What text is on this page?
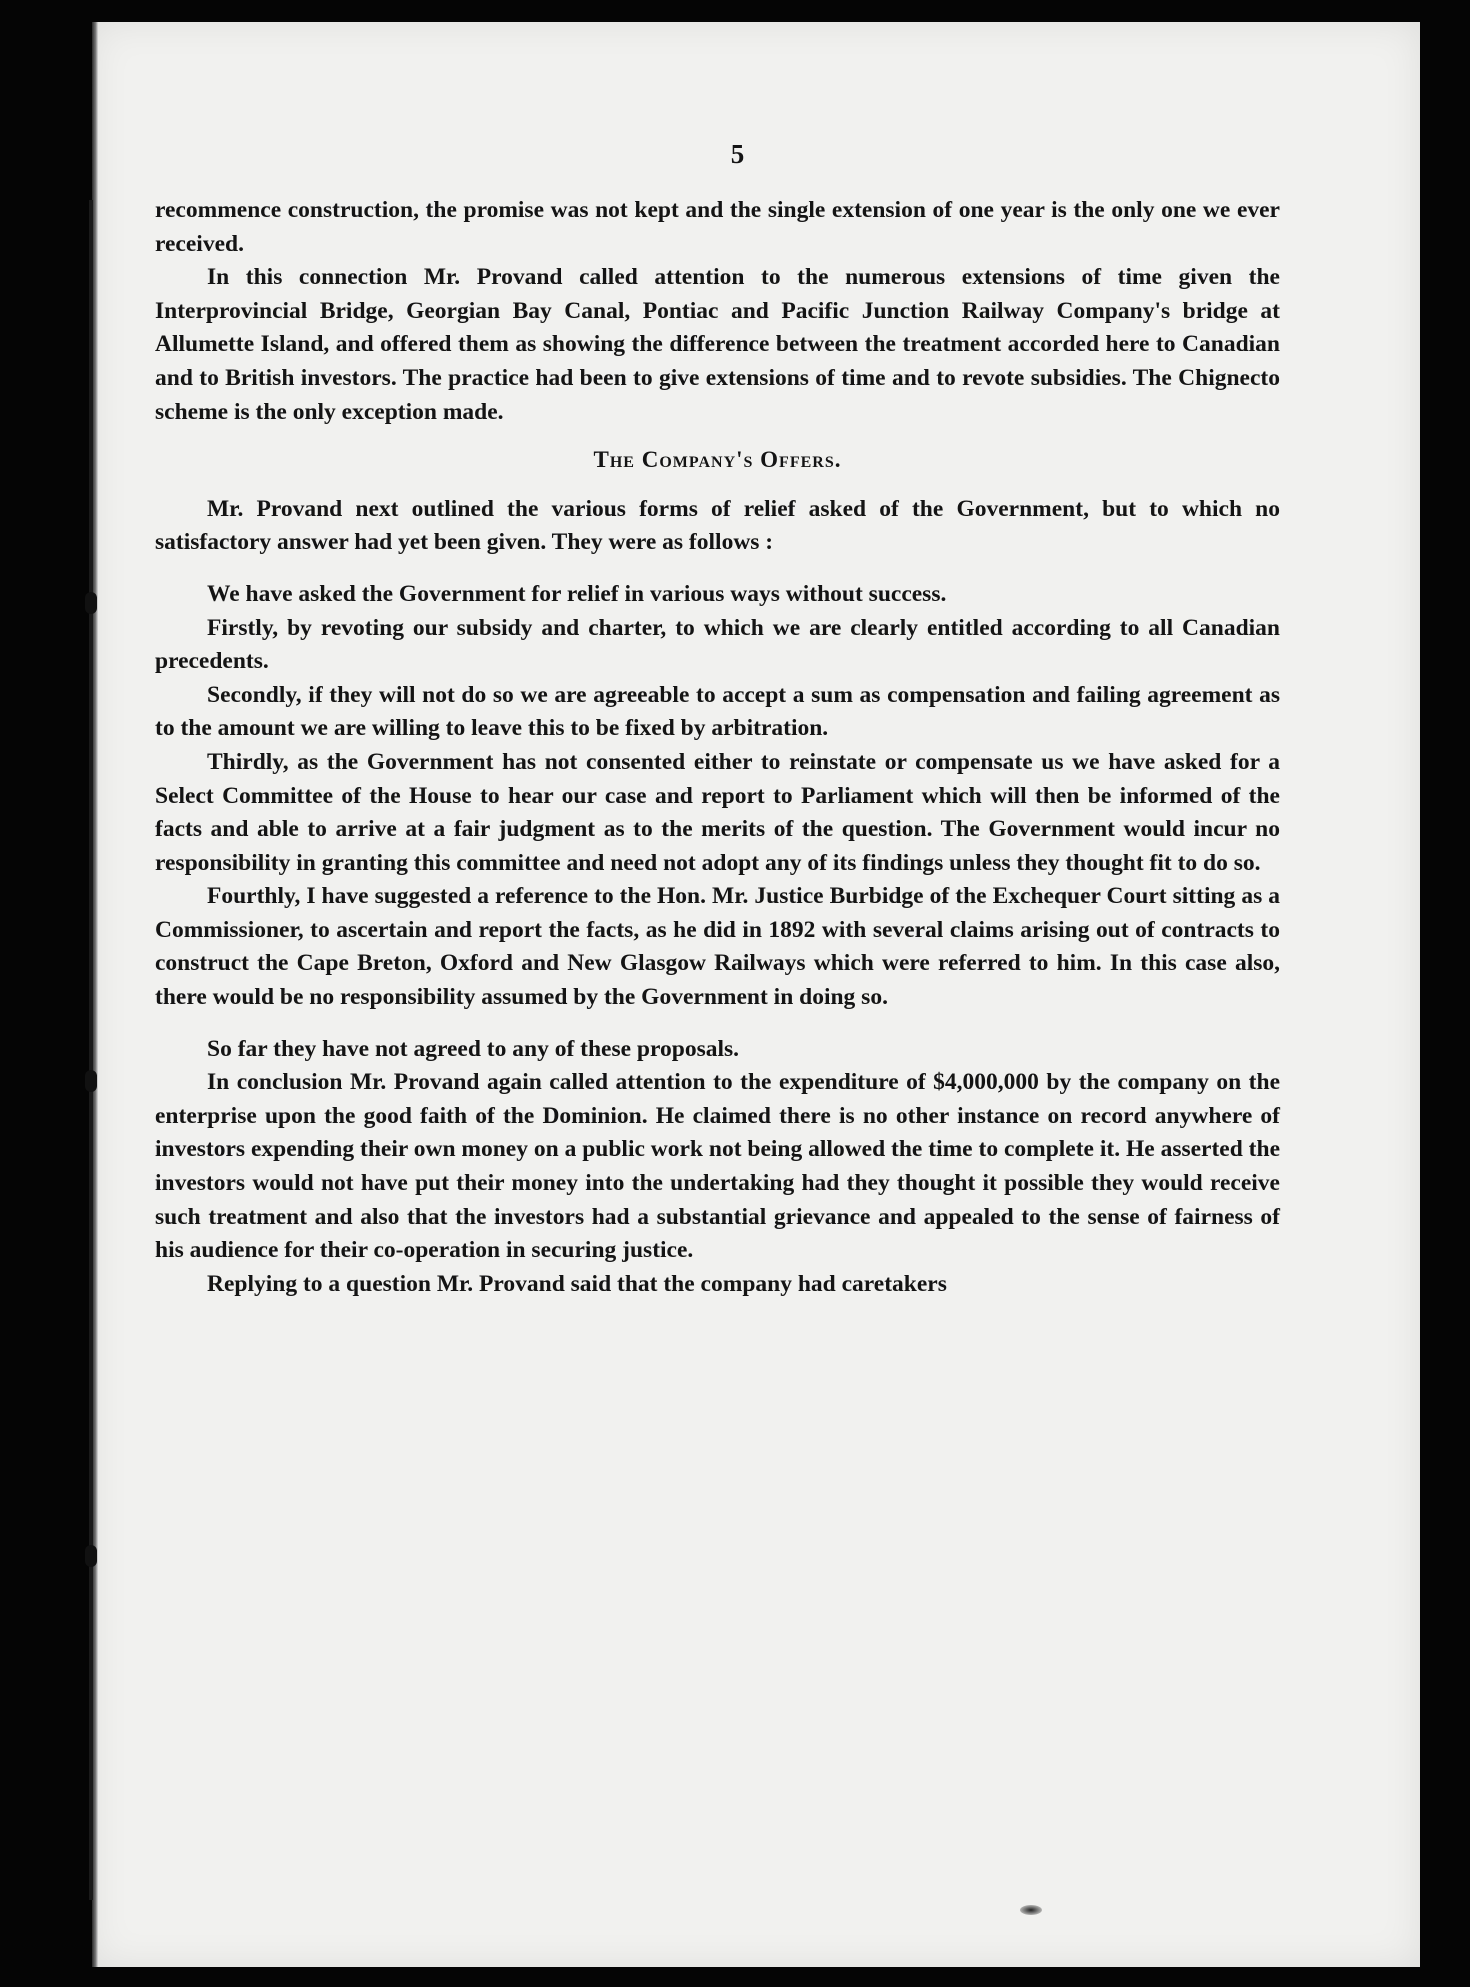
5

recommence construction, the promise was not kept and the single extension of one year is the only one we ever received.

In this connection Mr. Provand called attention to the numerous extensions of time given the Interprovincial Bridge, Georgian Bay Canal, Pontiac and Pacific Junction Railway Company's bridge at Allumette Island, and offered them as showing the difference between the treatment accorded here to Canadian and to British investors. The practice had been to give extensions of time and to revote subsidies. The Chignecto scheme is the only exception made.

The Company's Offers.

Mr. Provand next outlined the various forms of relief asked of the Government, but to which no satisfactory answer had yet been given. They were as follows :

We have asked the Government for relief in various ways without success.

Firstly, by revoting our subsidy and charter, to which we are clearly entitled according to all Canadian precedents.

Secondly, if they will not do so we are agreeable to accept a sum as compensation and failing agreement as to the amount we are willing to leave this to be fixed by arbitration.

Thirdly, as the Government has not consented either to reinstate or compensate us we have asked for a Select Committee of the House to hear our case and report to Parliament which will then be informed of the facts and able to arrive at a fair judgment as to the merits of the question. The Government would incur no responsibility in granting this committee and need not adopt any of its findings unless they thought fit to do so.

Fourthly, I have suggested a reference to the Hon. Mr. Justice Burbidge of the Exchequer Court sitting as a Commissioner, to ascertain and report the facts, as he did in 1892 with several claims arising out of contracts to construct the Cape Breton, Oxford and New Glasgow Railways which were referred to him. In this case also, there would be no responsibility assumed by the Government in doing so.

So far they have not agreed to any of these proposals.

In conclusion Mr. Provand again called attention to the expenditure of $4,000,000 by the company on the enterprise upon the good faith of the Dominion. He claimed there is no other instance on record anywhere of investors expending their own money on a public work not being allowed the time to complete it. He asserted the investors would not have put their money into the undertaking had they thought it possible they would receive such treatment and also that the investors had a substantial grievance and appealed to the sense of fairness of his audience for their co-operation in securing justice.

Replying to a question Mr. Provand said that the company had caretakers
